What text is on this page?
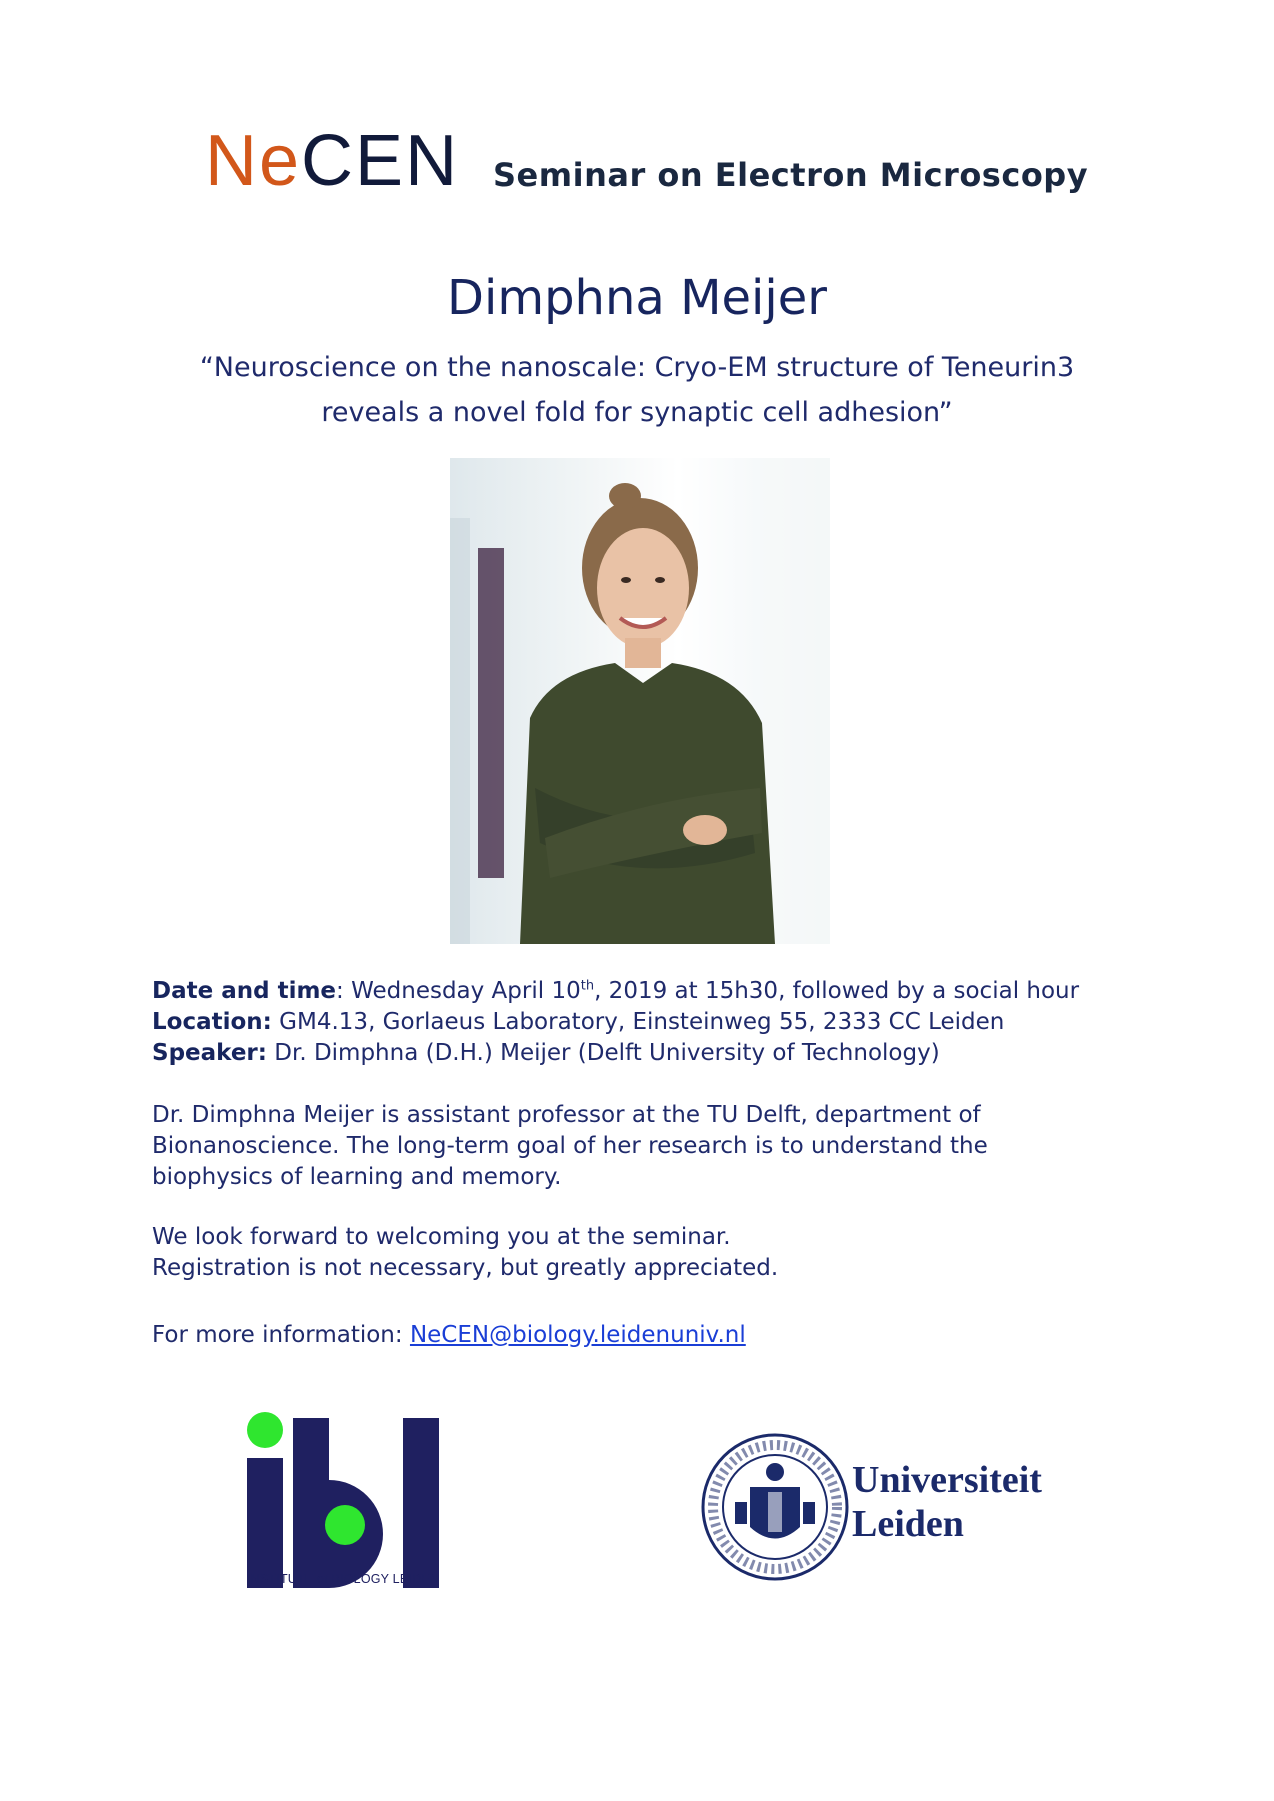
NeCEN Seminar on Electron Microscopy
Dimphna Meijer
“Neuroscience on the nanoscale: Cryo-EM structure of Teneurin3
reveals a novel fold for synaptic cell adhesion”
Date and time: Wednesday April 10th, 2019 at 15h30, followed by a social hour
Location: GM4.13, Gorlaeus Laboratory, Einsteinweg 55, 2333 CC Leiden
Speaker: Dr. Dimphna (D.H.) Meijer (Delft University of Technology)
Dr. Dimphna Meijer is assistant professor at the TU Delft, department of
Bionanoscience. The long-term goal of her research is to understand the
biophysics of learning and memory.
We look forward to welcoming you at the seminar.
Registration is not necessary, but greatly appreciated.
For more information: NeCEN@biology.leidenuniv.nl
INSTITUTE of BIOLOGY LEIDEN
Universiteit
Leiden
